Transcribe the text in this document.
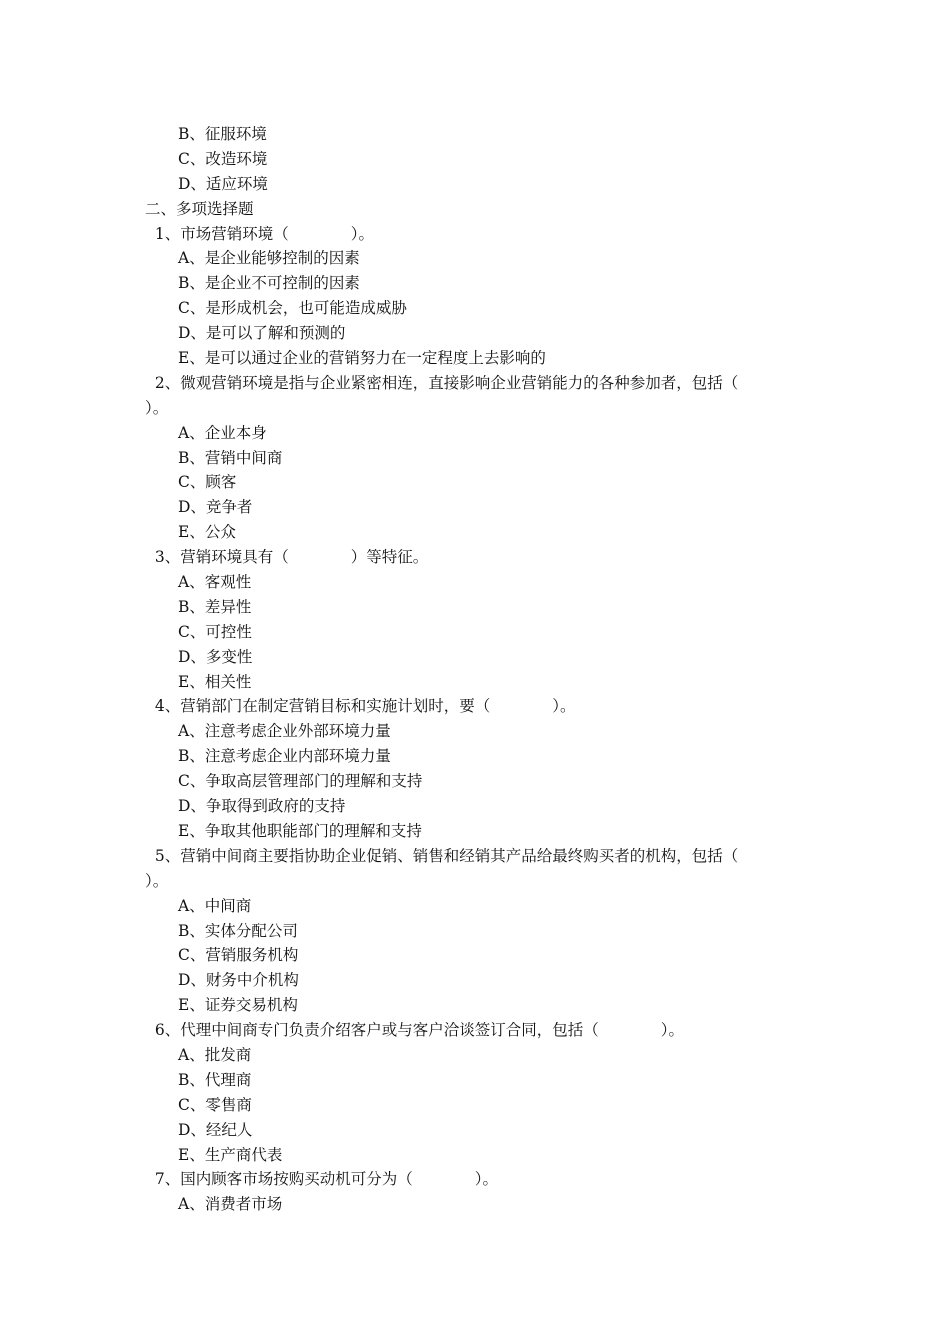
B、征服环境
C、改造环境
D、适应环境
二、多项选择题
1、市场营销环境（　　　　）。
A、是企业能够控制的因素
B、是企业不可控制的因素
C、是形成机会，也可能造成威胁
D、是可以了解和预测的
E、是可以通过企业的营销努力在一定程度上去影响的
2、微观营销环境是指与企业紧密相连，直接影响企业营销能力的各种参加者，包括（
）。
A、企业本身
B、营销中间商
C、顾客
D、竞争者
E、公众
3、营销环境具有（　　　　）等特征。
A、客观性
B、差异性
C、可控性
D、多变性
E、相关性
4、营销部门在制定营销目标和实施计划时，要（　　　　）。
A、注意考虑企业外部环境力量
B、注意考虑企业内部环境力量
C、争取高层管理部门的理解和支持
D、争取得到政府的支持
E、争取其他职能部门的理解和支持
5、营销中间商主要指协助企业促销、销售和经销其产品给最终购买者的机构，包括（
）。
A、中间商
B、实体分配公司
C、营销服务机构
D、财务中介机构
E、证券交易机构
6、代理中间商专门负责介绍客户或与客户洽谈签订合同，包括（　　　　）。
A、批发商
B、代理商
C、零售商
D、经纪人
E、生产商代表
7、国内顾客市场按购买动机可分为（　　　　）。
A、消费者市场
